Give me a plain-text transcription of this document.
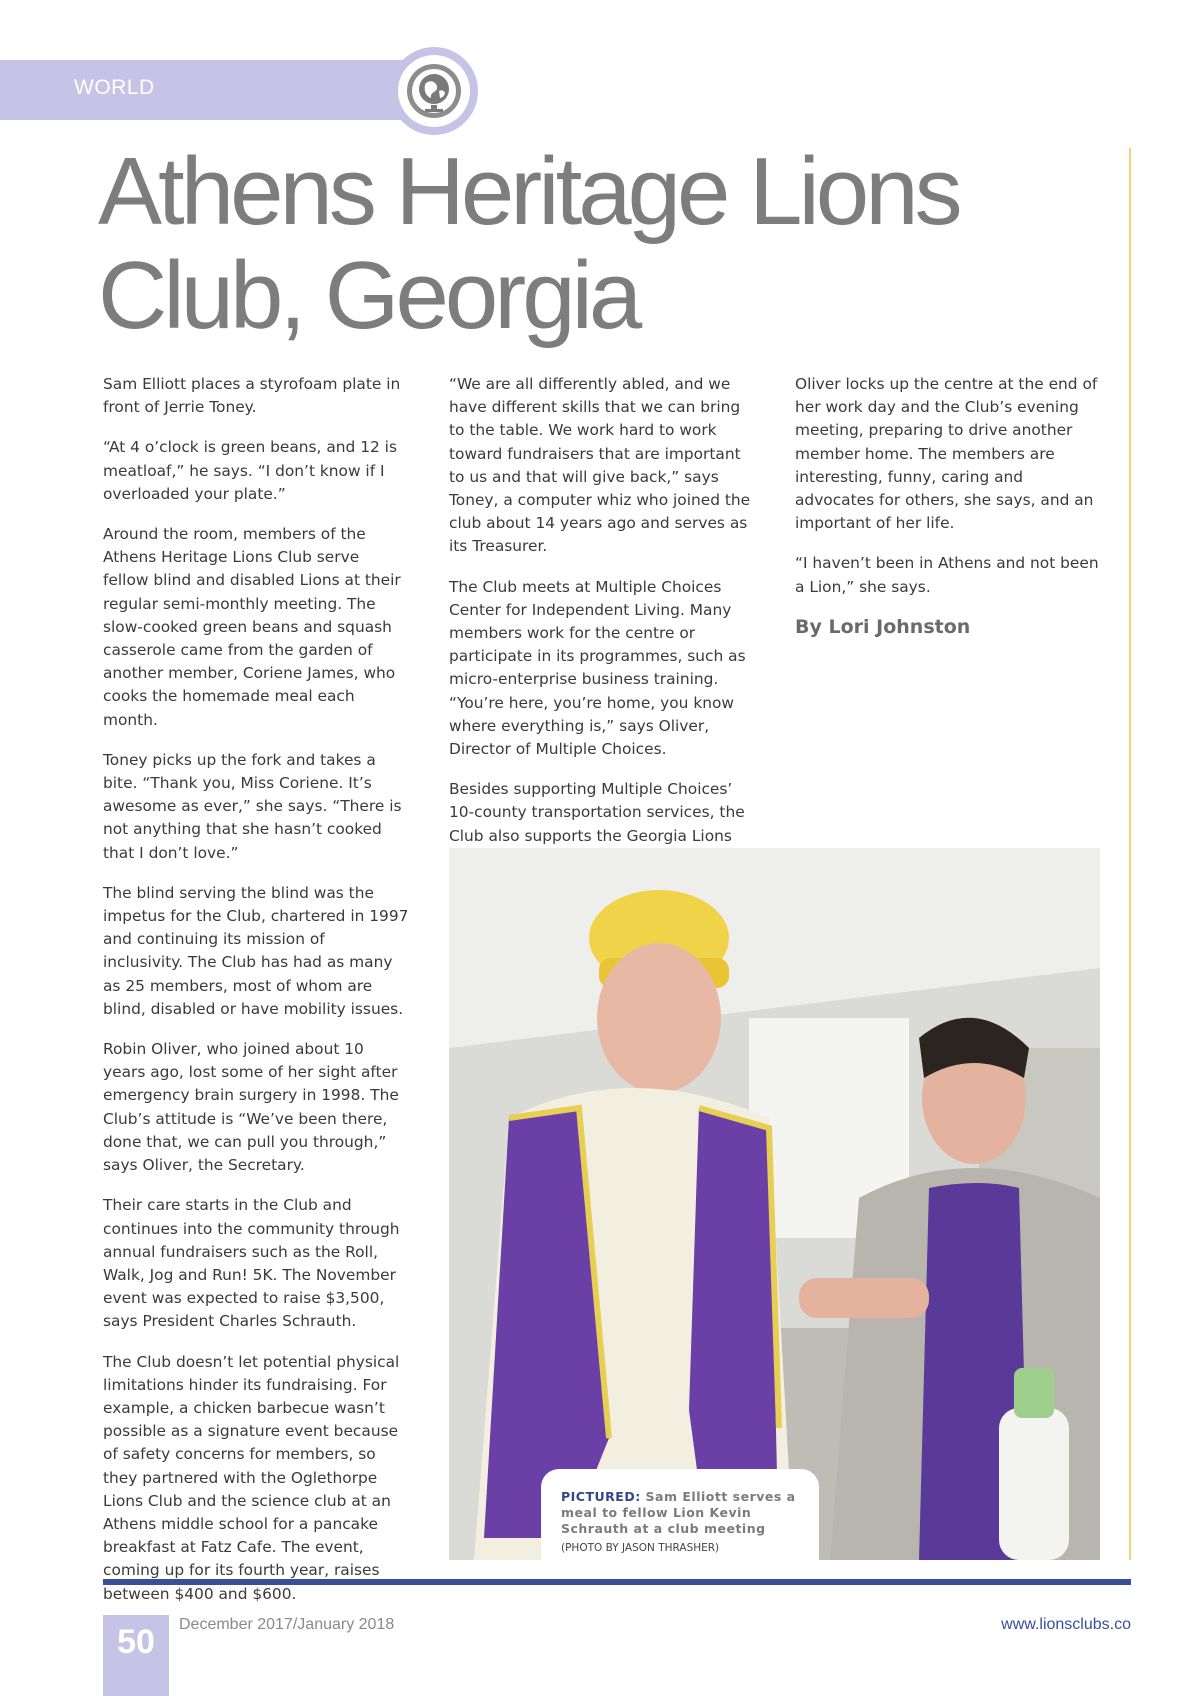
WORLD
Athens Heritage Lions
Club, Georgia

Sam Elliott places a styrofoam plate in front of Jerrie Toney.

“At 4 o’clock is green beans, and 12 is meatloaf,” he says. “I don’t know if I overloaded your plate.”

Around the room, members of the Athens Heritage Lions Club serve fellow blind and disabled Lions at their regular semi-monthly meeting. The slow-cooked green beans and squash casserole came from the garden of another member, Coriene James, who cooks the homemade meal each month.

Toney picks up the fork and takes a bite. “Thank you, Miss Coriene. It’s awesome as ever,” she says. “There is not anything that she hasn’t cooked that I don’t love.”

The blind serving the blind was the impetus for the Club, chartered in 1997 and continuing its mission of inclusivity. The Club has had as many as 25 members, most of whom are blind, disabled or have mobility issues.

Robin Oliver, who joined about 10 years ago, lost some of her sight after emergency brain surgery in 1998. The Club’s attitude is “We’ve been there, done that, we can pull you through,” says Oliver, the Secretary.

Their care starts in the Club and continues into the community through annual fundraisers such as the Roll, Walk, Jog and Run! 5K. The November event was expected to raise $3,500, says President Charles Schrauth.

The Club doesn’t let potential physical limitations hinder its fundraising. For example, a chicken barbecue wasn’t possible as a signature event because of safety concerns for members, so they partnered with the Oglethorpe Lions Club and the science club at an Athens middle school for a pancake breakfast at Fatz Cafe. The event, coming up for its fourth year, raises between $400 and $600.

“We are all differently abled, and we have different skills that we can bring to the table. We work hard to work toward fundraisers that are important to us and that will give back,” says Toney, a computer whiz who joined the club about 14 years ago and serves as its Treasurer.

The Club meets at Multiple Choices Center for Independent Living. Many members work for the centre or participate in its programmes, such as micro-enterprise business training. “You’re here, you’re home, you know where everything is,” says Oliver, Director of Multiple Choices.

Besides supporting Multiple Choices’ 10-county transportation services, the Club also supports the Georgia Lions

Oliver locks up the centre at the end of her work day and the Club’s evening meeting, preparing to drive another member home. The members are interesting, funny, caring and advocates for others, she says, and an important of her life.

“I haven’t been in Athens and not been a Lion,” she says.

By Lori Johnston
PICTURED: Sam Elliott serves a meal to fellow Lion Kevin Schrauth at a club meeting
(PHOTO BY JASON THRASHER)
50	December 2017/January 2018	www.lionsclubs.co
